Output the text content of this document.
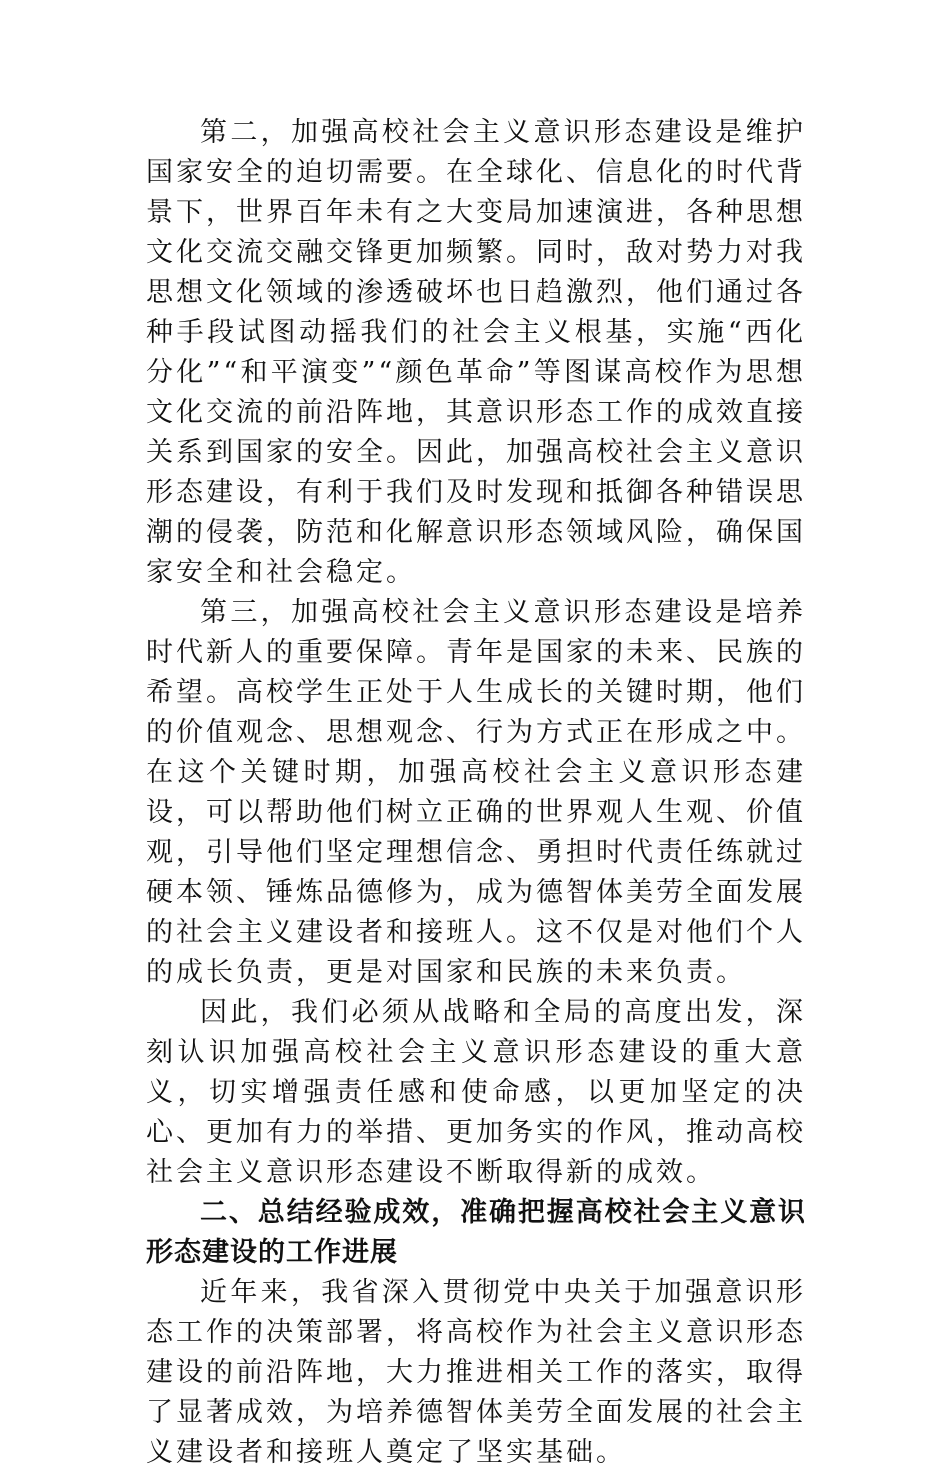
第二，加强高校社会主义意识形态建设是维护国家安全的迫切需要。在全球化、信息化的时代背景下，世界百年未有之大变局加速演进，各种思想文化交流交融交锋更加频繁。同时，敌对势力对我思想文化领域的渗透破坏也日趋激烈，他们通过各种手段试图动摇我们的社会主义根基，实施“西化分化”“和平演变”“颜色革命”等图谋高校作为思想文化交流的前沿阵地，其意识形态工作的成效直接关系到国家的安全。因此，加强高校社会主义意识形态建设，有利于我们及时发现和抵御各种错误思潮的侵袭，防范和化解意识形态领域风险，确保国家安全和社会稳定。

第三，加强高校社会主义意识形态建设是培养时代新人的重要保障。青年是国家的未来、民族的希望。高校学生正处于人生成长的关键时期，他们的价值观念、思想观念、行为方式正在形成之中。在这个关键时期，加强高校社会主义意识形态建设，可以帮助他们树立正确的世界观人生观、价值观，引导他们坚定理想信念、勇担时代责任练就过硬本领、锤炼品德修为，成为德智体美劳全面发展的社会主义建设者和接班人。这不仅是对他们个人的成长负责，更是对国家和民族的未来负责。

因此，我们必须从战略和全局的高度出发，深刻认识加强高校社会主义意识形态建设的重大意义，切实增强责任感和使命感，以更加坚定的决心、更加有力的举措、更加务实的作风，推动高校社会主义意识形态建设不断取得新的成效。

二、总结经验成效，准确把握高校社会主义意识形态建设的工作进展

近年来，我省深入贯彻党中央关于加强意识形态工作的决策部署，将高校作为社会主义意识形态建设的前沿阵地，大力推进相关工作的落实，取得了显著成效，为培养德智体美劳全面发展的社会主义建设者和接班人奠定了坚实基础。
